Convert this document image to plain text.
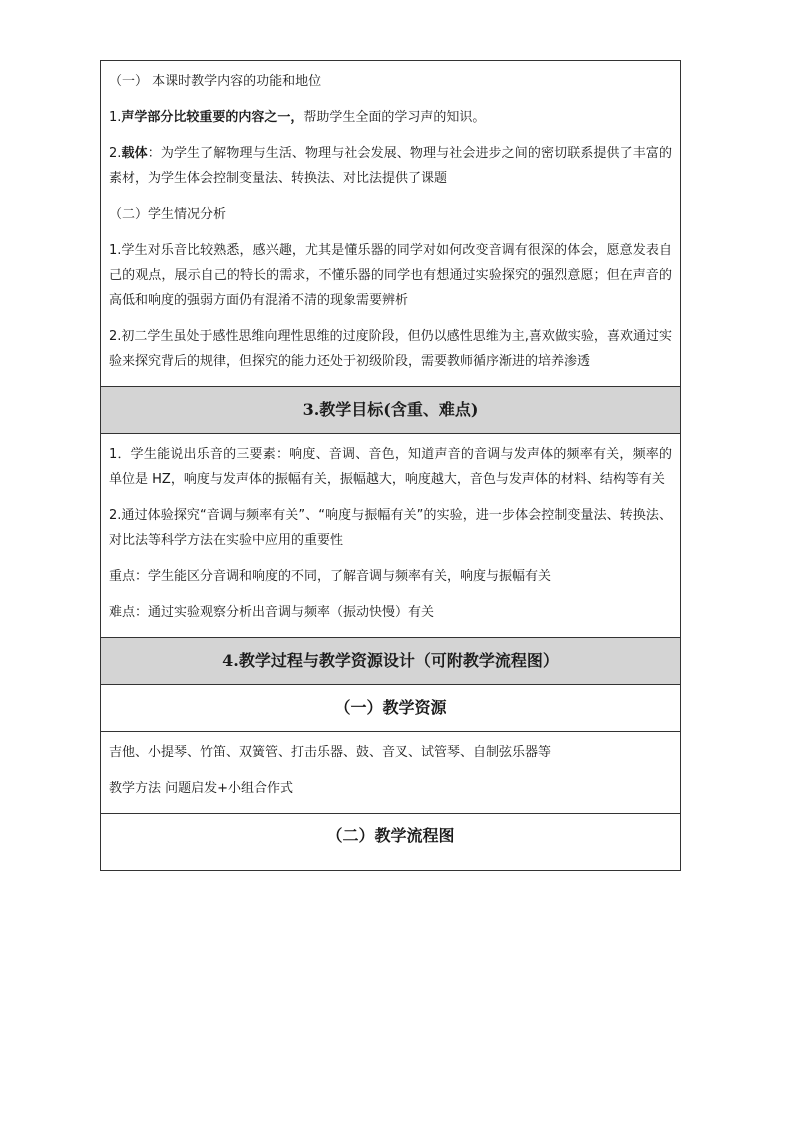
（一） 本课时教学内容的功能和地位

1.声学部分比较重要的内容之一，帮助学生全面的学习声的知识。

2.载体：为学生了解物理与生活、物理与社会发展、物理与社会进步之间的密切联系提供了丰富的素材，为学生体会控制变量法、转换法、对比法提供了课题

（二）学生情况分析

1.学生对乐音比较熟悉，感兴趣，尤其是懂乐器的同学对如何改变音调有很深的体会，愿意发表自己的观点，展示自己的特长的需求，不懂乐器的同学也有想通过实验探究的强烈意愿；但在声音的高低和响度的强弱方面仍有混淆不清的现象需要辨析

2.初二学生虽处于感性思维向理性思维的过度阶段，但仍以感性思维为主,喜欢做实验，喜欢通过实验来探究背后的规律，但探究的能力还处于初级阶段，需要教师循序渐进的培养渗透

3.教学目标(含重、难点)

1．学生能说出乐音的三要素：响度、音调、音色，知道声音的音调与发声体的频率有关，频率的单位是 HZ，响度与发声体的振幅有关，振幅越大，响度越大，音色与发声体的材料、结构等有关

2.通过体验探究“音调与频率有关”、“响度与振幅有关”的实验，进一步体会控制变量法、转换法、对比法等科学方法在实验中应用的重要性

重点：学生能区分音调和响度的不同，了解音调与频率有关，响度与振幅有关

难点：通过实验观察分析出音调与频率（振动快慢）有关

4.教学过程与教学资源设计（可附教学流程图）
（一）教学资源

吉他、小提琴、竹笛、双簧管、打击乐器、鼓、音叉、试管琴、自制弦乐器等

教学方法 问题启发+小组合作式

（二）教学流程图
